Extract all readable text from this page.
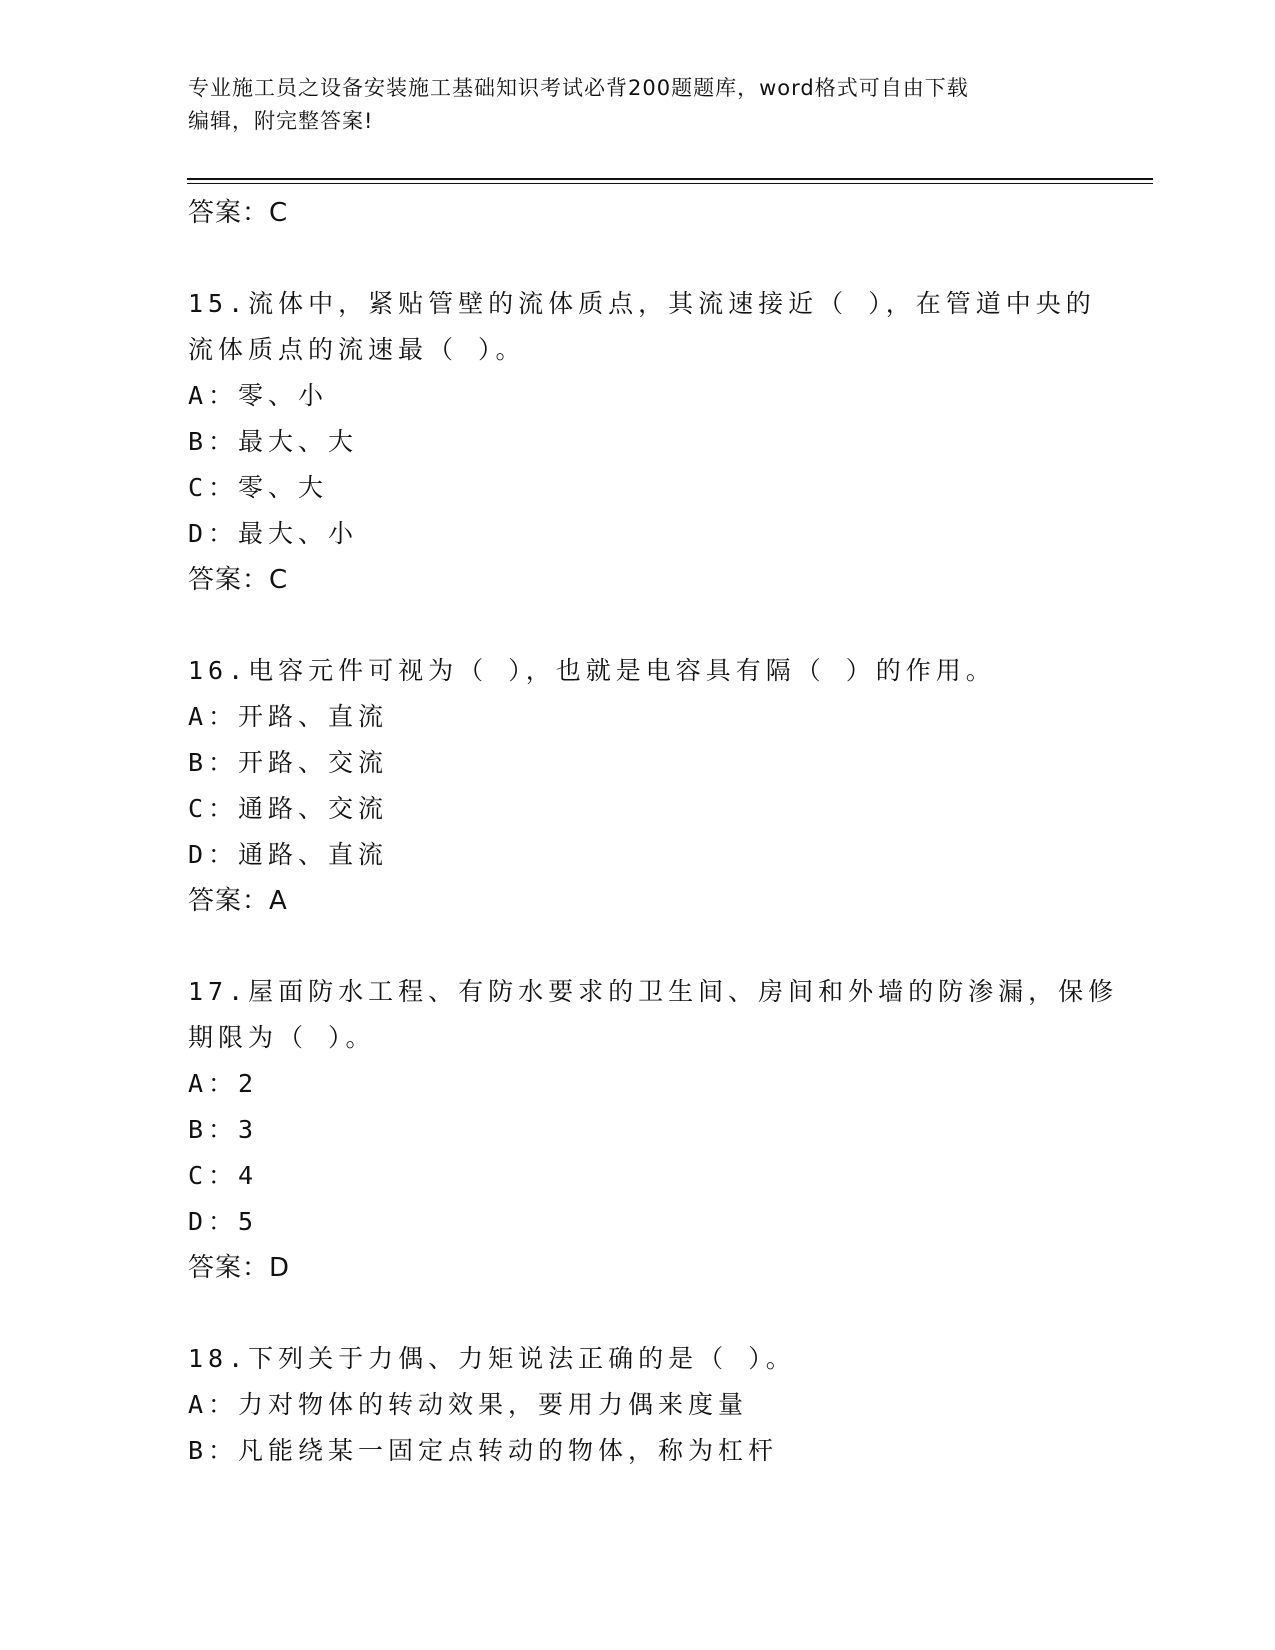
专业施工员之设备安装施工基础知识考试必背200题题库，word格式可自由下载
编辑，附完整答案!
答案：C
15.流体中，紧贴管壁的流体质点，其流速接近（ ），在管道中央的
流体质点的流速最（ ）。
A：零、小
B：最大、大
C：零、大
D：最大、小
答案：C
16.电容元件可视为（ ），也就是电容具有隔（ ）的作用。
A：开路、直流
B：开路、交流
C：通路、交流
D：通路、直流
答案：A
17.屋面防水工程、有防水要求的卫生间、房间和外墙的防渗漏，保修
期限为（ ）。
A：2
B：3
C：4
D：5
答案：D
18.下列关于力偶、力矩说法正确的是（ ）。
A：力对物体的转动效果，要用力偶来度量
B：凡能绕某一固定点转动的物体，称为杠杆
